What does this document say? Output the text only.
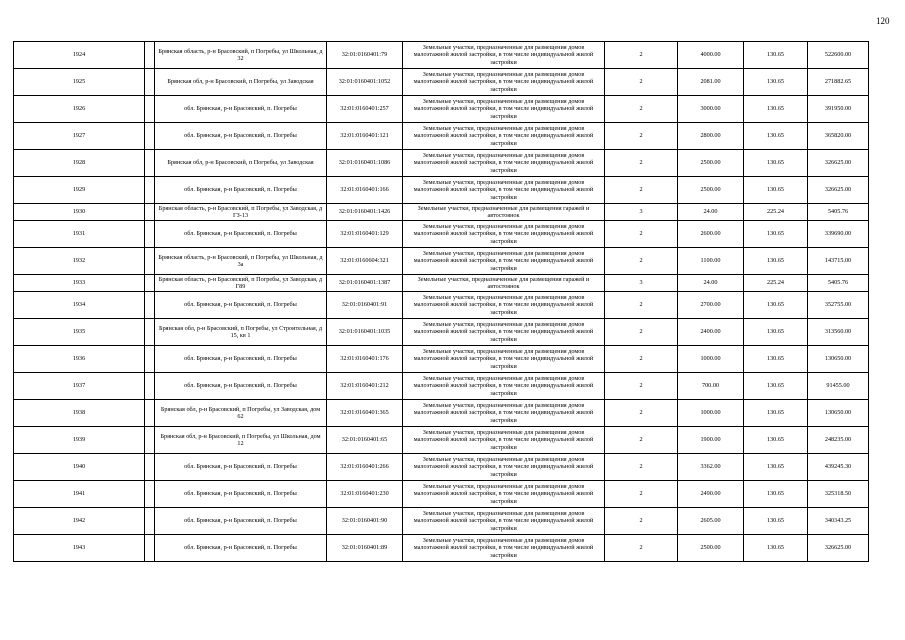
120
1924		Брянская область, р-н Брасовский, п Погребы, ул Школьная, д 32	32:01:0160401:79	Земельные участки, предназначенные для размещения домов малоэтажной жилой застройки, в том числе индивидуальной жилой застройки	2	4000.00	130.65	522600.00
1925		Брянская обл, р-н Брасовский, п Погребы, ул Заводская	32:01:0160401:1052	Земельные участки, предназначенные для размещения домов малоэтажной жилой застройки, в том числе индивидуальной жилой застройки	2	2081.00	130.65	271882.65
1926		обл. Брянская, р-н Брасовский, п. Погребы	32:01:0160401:257	Земельные участки, предназначенные для размещения домов малоэтажной жилой застройки, в том числе индивидуальной жилой застройки	2	3000.00	130.65	391950.00
1927		обл. Брянская, р-н Брасовский, п. Погребы	32:01:0160401:121	Земельные участки, предназначенные для размещения домов малоэтажной жилой застройки, в том числе индивидуальной жилой застройки	2	2800.00	130.65	365820.00
1928		Брянская обл, р-н Брасовский, п Погребы, ул Заводская	32:01:0160401:1086	Земельные участки, предназначенные для размещения домов малоэтажной жилой застройки, в том числе индивидуальной жилой застройки	2	2500.00	130.65	326625.00
1929		обл. Брянская, р-н Брасовский, п. Погребы	32:01:0160401:166	Земельные участки, предназначенные для размещения домов малоэтажной жилой застройки, в том числе индивидуальной жилой застройки	2	2500.00	130.65	326625.00
1930		Брянская область, р-н Брасовский, п Погребы, ул Заводская, д ГЗ-13	32:01:0160401:1426	Земельные участки, предназначенные для размещения гаражей и автостоянок	3	24.00	225.24	5405.76
1931		обл. Брянская, р-н Брасовский, п. Погребы	32:01:0160401:129	Земельные участки, предназначенные для размещения домов малоэтажной жилой застройки, в том числе индивидуальной жилой застройки	2	2600.00	130.65	339690.00
1932		Брянская область, р-н Брасовский, п Погребы, ул Школьная, д 3а	32:01:0160604:321	Земельные участки, предназначенные для размещения домов малоэтажной жилой застройки, в том числе индивидуальной жилой застройки	2	1100.00	130.65	143715.00
1933		Брянская область, р-н Брасовский, п Погребы, ул Заводская, д Г89	32:01:0160401:1387	Земельные участки, предназначенные для размещения гаражей и автостоянок	3	24.00	225.24	5405.76
1934		обл. Брянская, р-н Брасовский, п. Погребы	32:01:0160401:91	Земельные участки, предназначенные для размещения домов малоэтажной жилой застройки, в том числе индивидуальной жилой застройки	2	2700.00	130.65	352755.00
1935		Брянская обл, р-н Брасовский, п Погребы, ул Строительная, д 15, кв 1	32:01:0160401:1035	Земельные участки, предназначенные для размещения домов малоэтажной жилой застройки, в том числе индивидуальной жилой застройки	2	2400.00	130.65	313560.00
1936		обл. Брянская, р-н Брасовский, п. Погребы	32:01:0160401:176	Земельные участки, предназначенные для размещения домов малоэтажной жилой застройки, в том числе индивидуальной жилой застройки	2	1000.00	130.65	130650.00
1937		обл. Брянская, р-н Брасовский, п. Погребы	32:01:0160401:212	Земельные участки, предназначенные для размещения домов малоэтажной жилой застройки, в том числе индивидуальной жилой застройки	2	700.00	130.65	91455.00
1938		Брянская обл, р-н Брасовский, п Погребы, ул Заводская, дом 62	32:01:0160401:365	Земельные участки, предназначенные для размещения домов малоэтажной жилой застройки, в том числе индивидуальной жилой застройки	2	1000.00	130.65	130650.00
1939		Брянская обл, р-н Брасовский, п Погребы, ул Школьная, дом 12	32:01:0160401:65	Земельные участки, предназначенные для размещения домов малоэтажной жилой застройки, в том числе индивидуальной жилой застройки	2	1900.00	130.65	248235.00
1940		обл. Брянская, р-н Брасовский, п. Погребы	32:01:0160401:266	Земельные участки, предназначенные для размещения домов малоэтажной жилой застройки, в том числе индивидуальной жилой застройки	2	3362.00	130.65	439245.30
1941		обл. Брянская, р-н Брасовский, п. Погребы	32:01:0160401:230	Земельные участки, предназначенные для размещения домов малоэтажной жилой застройки, в том числе индивидуальной жилой застройки	2	2490.00	130.65	325318.50
1942		обл. Брянская, р-н Брасовский, п. Погребы	32:01:0160401:90	Земельные участки, предназначенные для размещения домов малоэтажной жилой застройки, в том числе индивидуальной жилой застройки	2	2605.00	130.65	340343.25
1943		обл. Брянская, р-н Брасовский, п. Погребы	32:01:0160401:89	Земельные участки, предназначенные для размещения домов малоэтажной жилой застройки, в том числе индивидуальной жилой застройки	2	2500.00	130.65	326625.00
